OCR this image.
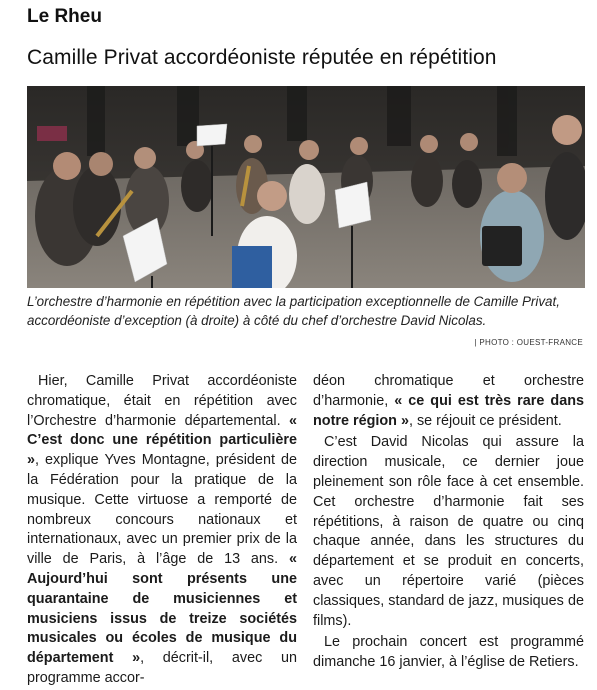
Le Rheu
Camille Privat accordéoniste réputée en répétition
L’orchestre d’harmonie en répétition avec la participation exceptionnelle de Camille Privat, accordéoniste d’exception (à droite) à côté du chef d’orchestre David Nicolas.
| PHOTO : OUEST-FRANCE

Hier, Camille Privat accordéoniste chromatique, était en répétition avec l’Orchestre d’harmonie départemental. « C’est donc une répétition particulière », explique Yves Montagne, président de la Fédération pour la pratique de la musique. Cette virtuose a remporté de nombreux concours nationaux et internationaux, avec un premier prix de la ville de Paris, à l’âge de 13 ans. « Aujourd’hui sont présents une quarantaine de musiciennes et musiciens issus de treize sociétés musicales ou écoles de musique du département », décrit-il, avec un programme accor-

déon chromatique et orchestre d’harmonie, « ce qui est très rare dans notre région », se réjouit ce président.

C’est David Nicolas qui assure la direction musicale, ce dernier joue pleinement son rôle face à cet ensemble. Cet orchestre d’harmonie fait ses répétitions, à raison de quatre ou cinq chaque année, dans les structures du département et se produit en concerts, avec un répertoire varié (pièces classiques, standard de jazz, musiques de films).

Le prochain concert est programmé dimanche 16 janvier, à l’église de Retiers.
